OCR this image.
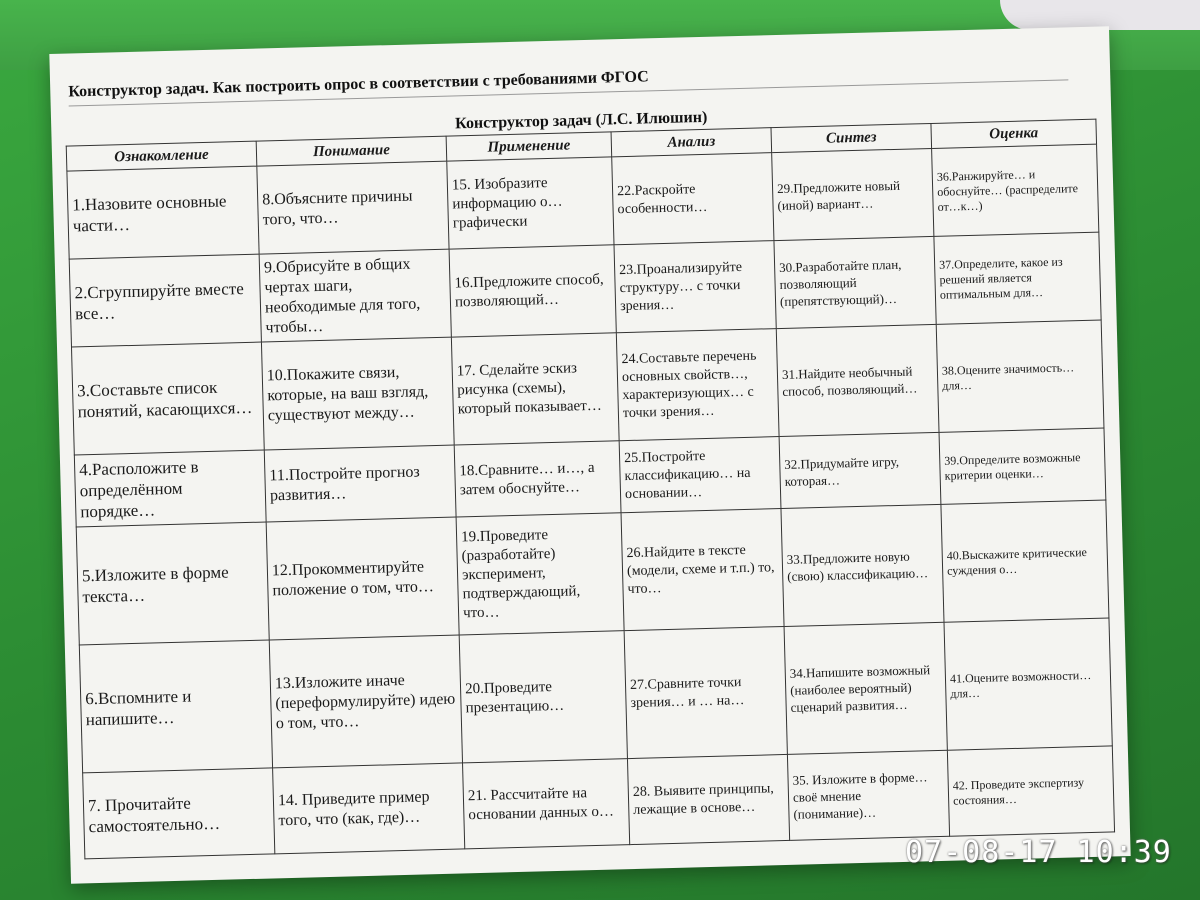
Конструктор задач. Как построить опрос в соответствии с требованиями ФГОС
Конструктор задач (Л.С. Илюшин)
Ознакомление	Понимание	Применение	Анализ	Синтез	Оценка
1.Назовите основные части…	8.Объясните причины того, что…	15. Изобразите информацию о… графически	22.Раскройте особенности…	29.Предложите новый (иной) вариант…	36.Ранжируйте… и обоснуйте… (распределите от…к…)
2.Сгруппируйте вместе все…	9.Обрисуйте в общих чертах шаги, необходимые для того, чтобы…	16.Предложите способ, позволяющий…	23.Проанализируйте структуру… с точки зрения…	30.Разработайте план, позволяющий (препятствующий)…	37.Определите, какое из решений является оптимальным для…
3.Составьте список понятий, касающихся…	10.Покажите связи, которые, на ваш взгляд, существуют между…	17. Сделайте эскиз рисунка (схемы), который показывает…	24.Составьте перечень основных свойств…, характеризующих… с точки зрения…	31.Найдите необычный способ, позволяющий…	38.Оцените значимость… для…
4.Расположите в определённом порядке…	11.Постройте прогноз развития…	18.Сравните… и…, а затем обоснуйте…	25.Постройте классификацию… на основании…	32.Придумайте игру, которая…	39.Определите возможные критерии оценки…
5.Изложите в форме текста…	12.Прокомментируйте положение о том, что…	19.Проведите (разработайте) эксперимент, подтверждающий, что…	26.Найдите в тексте (модели, схеме и т.п.) то, что…	33.Предложите новую (свою) классификацию…	40.Выскажите критические суждения о…
6.Вспомните и напишите…	13.Изложите иначе (переформулируйте) идею о том, что…	20.Проведите презентацию…	27.Сравните точки зрения… и … на…	34.Напишите возможный (наиболее вероятный) сценарий развития…	41.Оцените возможности… для…
7. Прочитайте самостоятельно…	14. Приведите пример того, что (как, где)…	21. Рассчитайте на основании данных о…	28. Выявите принципы, лежащие в основе…	35. Изложите в форме… своё мнение (понимание)…	42. Проведите экспертизу состояния…
07-08-17 10:39
